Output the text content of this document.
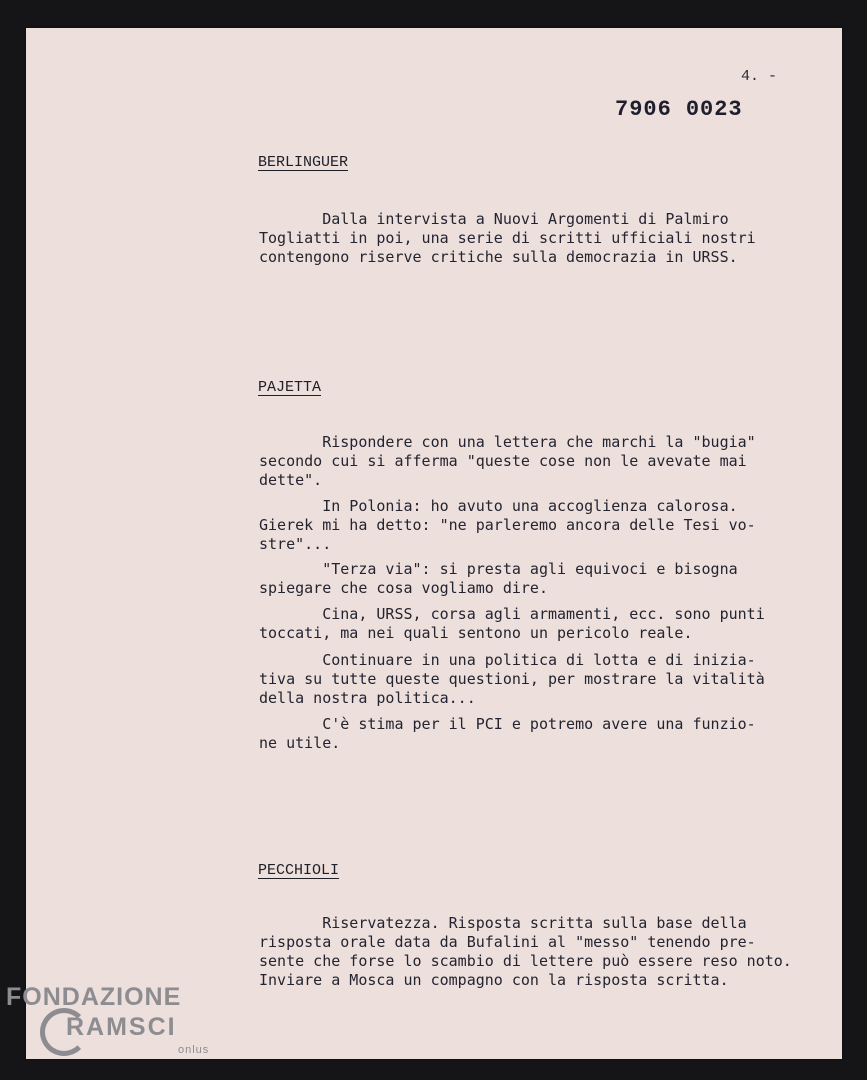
4. -
7906 0023
BERLINGUER
Dalla intervista a Nuovi Argomenti di Palmiro
Togliatti in poi, una serie di scritti ufficiali nostri
contengono riserve critiche sulla democrazia in URSS.
PAJETTA
Rispondere con una lettera che marchi la "bugia"
secondo cui si afferma "queste cose non le avevate mai
dette".
In Polonia: ho avuto una accoglienza calorosa.
Gierek mi ha detto: "ne parleremo ancora delle Tesi vo-
stre"...
"Terza via": si presta agli equivoci e bisogna
spiegare che cosa vogliamo dire.
Cina, URSS, corsa agli armamenti, ecc. sono punti
toccati, ma nei quali sentono un pericolo reale.
Continuare in una politica di lotta e di inizia-
tiva su tutte queste questioni, per mostrare la vitalità
della nostra politica...
C'è stima per il PCI e potremo avere una funzio-
ne utile.
PECCHIOLI
Riservatezza. Risposta scritta sulla base della
risposta orale data da Bufalini al "messo" tenendo pre-
sente che forse lo scambio di lettere può essere reso noto.
Inviare a Mosca un compagno con la risposta scritta.
FONDAZIONE
RAMSCI
onlus
